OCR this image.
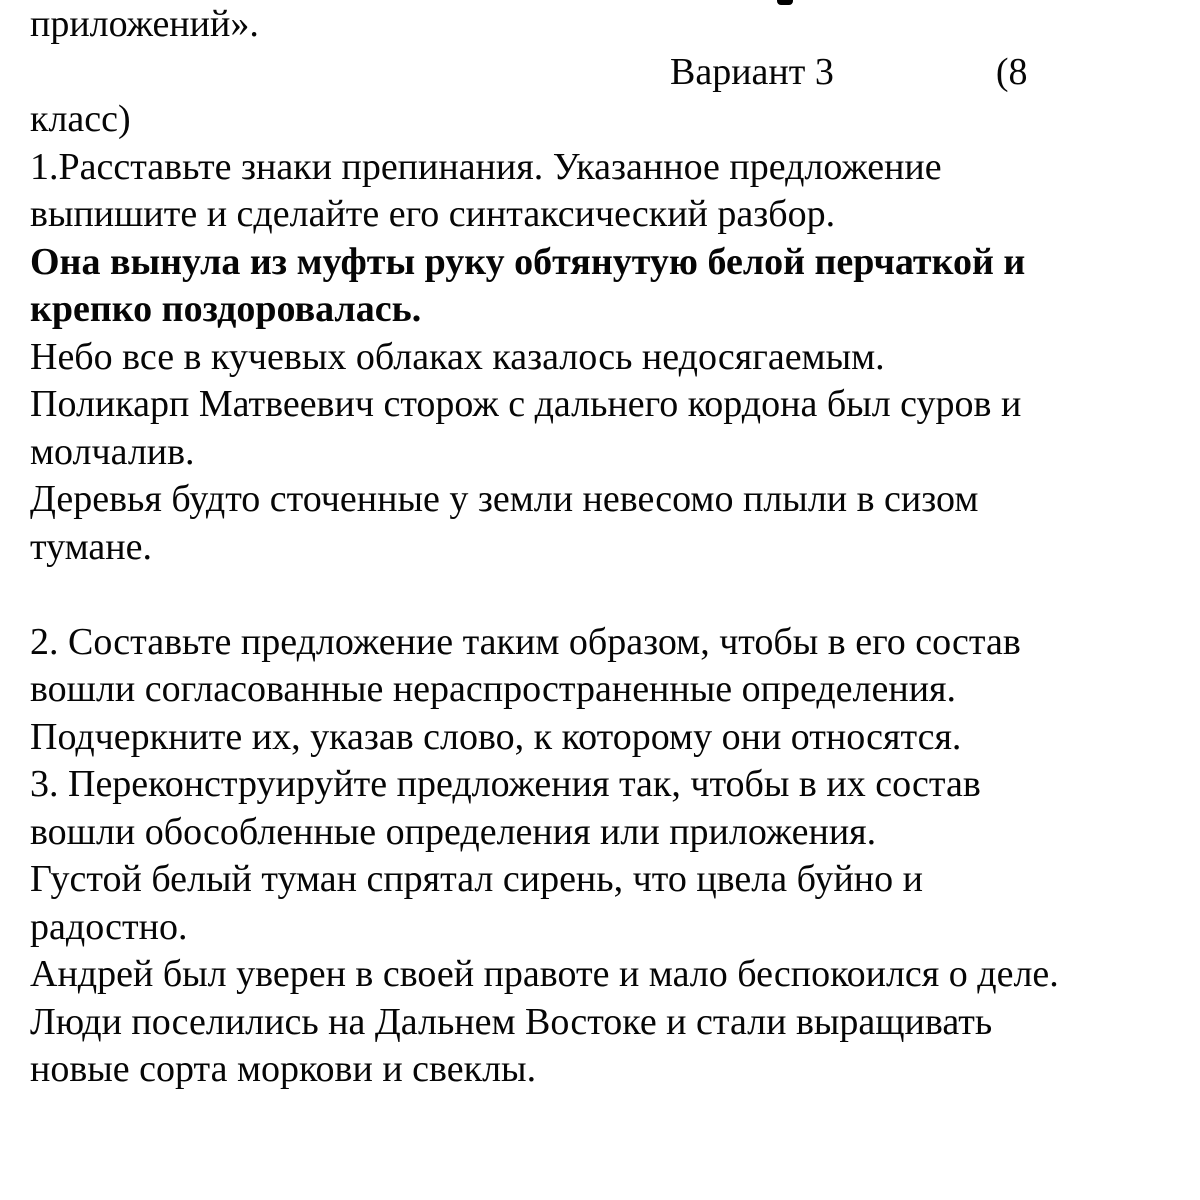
приложений».
Вариант 3	(8
класс)
1.Расставьте знаки препинания. Указанное предложение
выпишите и сделайте его синтаксический разбор.
Она вынула из муфты руку обтянутую белой перчаткой и
крепко поздоровалась.
Небо все в кучевых облаках казалось недосягаемым.
Поликарп Матвеевич сторож с дальнего кордона был суров и
молчалив.
Деревья будто сточенные у земли невесомо плыли в сизом
тумане.
2. Составьте предложение таким образом, чтобы в его состав
вошли согласованные нераспространенные определения.
Подчеркните их, указав слово, к которому они относятся.
3. Переконструируйте предложения так, чтобы в их состав
вошли обособленные определения или приложения.
Густой белый туман спрятал сирень, что цвела буйно и
радостно.
Андрей был уверен в своей правоте и мало беспокоился о деле.
Люди поселились на Дальнем Востоке и стали выращивать
новые сорта моркови и свеклы.
